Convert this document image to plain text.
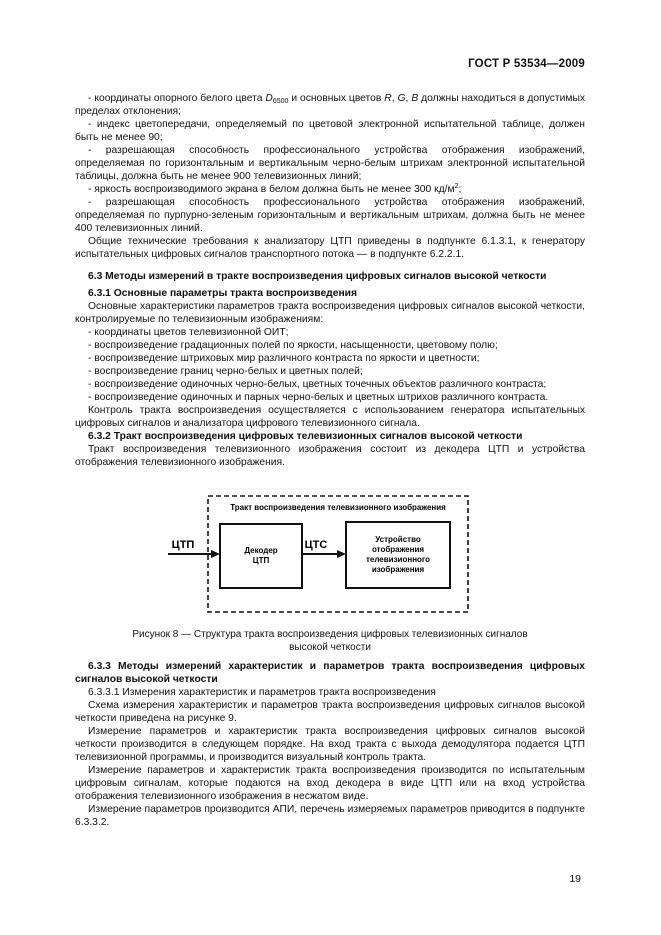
ГОСТ Р 53534—2009

- координаты опорного белого цвета $D_{6500}$ и основных цветов R, G, B должны находиться в допустимых пределах отклонения;

- индекс цветопередачи, определяемый по цветовой электронной испытательной таблице, должен быть не менее 90;

- разрешающая способность профессионального устройства отображения изображений, определяемая по горизонтальным и вертикальным черно-белым штрихам электронной испытательной таблицы, должна быть не менее 900 телевизионных линий;

- яркость воспроизводимого экрана в белом должна быть не менее 300 $кд/м^2$;

- разрешающая способность профессионального устройства отображения изображений, определяемая по пурпурно-зеленым горизонтальным и вертикальным штрихам, должна быть не менее 400 телевизионных линий.

Общие технические требования к анализатору ЦТП приведены в подпункте 6.1.3.1, к генератору испытательных цифровых сигналов транспортного потока — в подпункте 6.2.2.1.

6.3 Методы измерений в тракте воспроизведения цифровых сигналов высокой четкости

6.3.1 Основные параметры тракта воспроизведения

Основные характеристики параметров тракта воспроизведения цифровых сигналов высокой четкости, контролируемые по телевизионным изображениям:

- координаты цветов телевизионной ОИТ;

- воспроизведение градационных полей по яркости, насыщенности, цветовому полю;

- воспроизведение штриховых мир различного контраста по яркости и цветности;

- воспроизведение границ черно-белых и цветных полей;

- воспроизведение одиночных черно-белых, цветных точечных объектов различного контраста;

- воспроизведение одиночных и парных черно-белых и цветных штрихов различного контраста.

Контроль тракта воспроизведения осуществляется с использованием генератора испытательных цифровых сигналов и анализатора цифрового телевизионного сигнала.

6.3.2 Тракт воспроизведения цифровых телевизионных сигналов высокой четкости

Тракт воспроизведения телевизионного изображения состоит из декодера ЦТП и устройства отображения телевизионного изображения.

Тракт воспроизведения телевизионного изображения
ЦТП	Декодер
ЦТП
ЦТС	Устройство
отображения
телевизионного
изображения
Рисунок 8 — Структура тракта воспроизведения цифровых телевизионных сигналов
высокой четкости

6.3.3 Методы измерений характеристик и параметров тракта воспроизведения цифровых сигналов высокой четкости

6.3.3.1 Измерения характеристик и параметров тракта воспроизведения

Схема измерения характеристик и параметров тракта воспроизведения цифровых сигналов высокой четкости приведена на рисунке 9.

Измерение параметров и характеристик тракта воспроизведения цифровых сигналов высокой четкости производится в следующем порядке. На вход тракта с выхода демодулятора подается ЦТП телевизионной программы, и производится визуальный контроль тракта.

Измерение параметров и характеристик тракта воспроизведения производится по испытательным цифровым сигналам, которые подаются на вход декодера в виде ЦТП или на вход устройства отображения телевизионного изображения в несжатом виде.

Измерение параметров производится АПИ, перечень измеряемых параметров приводится в подпункте 6.3.3.2.

19
